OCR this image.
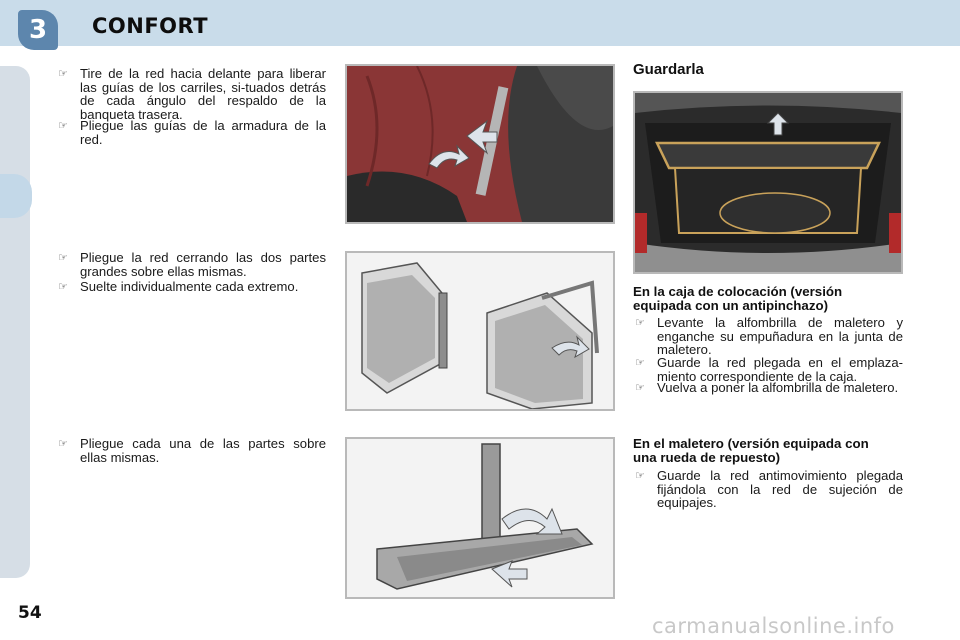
3	CONFORT
☞ Tire de la red hacia delante para liberar las guías de los carriles, si-tuados detrás de cada ángulo del respaldo de la banqueta trasera.
☞ Pliegue las guías de la armadura de la red.
☞ Pliegue la red cerrando las dos partes grandes sobre ellas mismas.
☞ Suelte individualmente cada extremo.
☞ Pliegue cada una de las partes sobre ellas mismas.
Guardarla
En la caja de colocación (versión equipada con un antipinchazo)
☞ Levante la alfombrilla de maletero y enganche su empuñadura en la junta de maletero.
☞ Guarde la red plegada en el emplaza-miento correspondiente de la caja.
☞ Vuelva a poner la alfombrilla de maletero.
En el maletero (versión equipada con una rueda de repuesto)
☞ Guarde la red antimovimiento plegada fijándola con la red de sujeción de equipajes.
54
carmanualsonline.info
